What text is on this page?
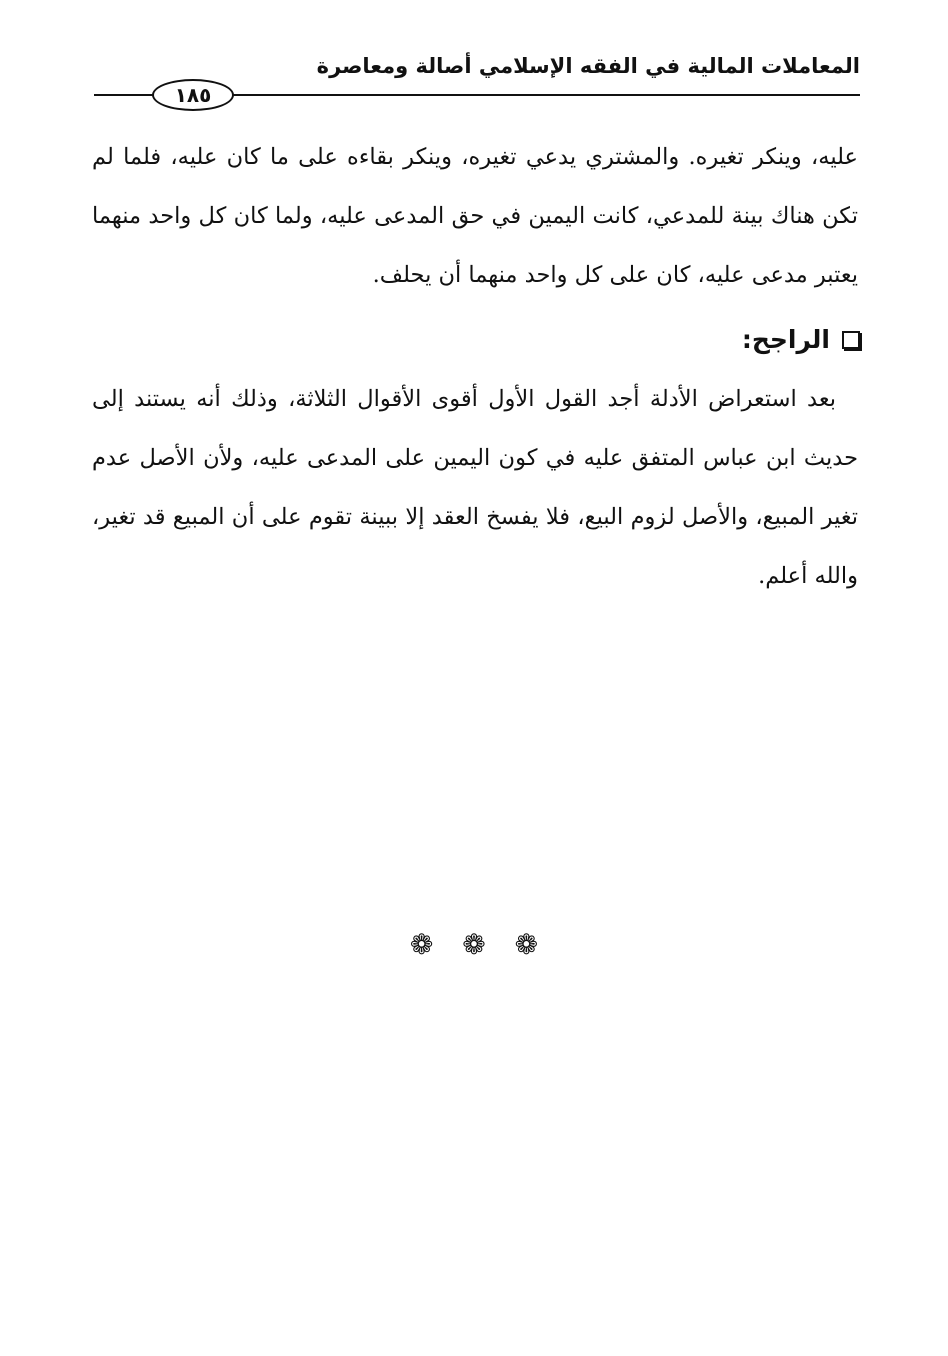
المعاملات المالية في الفقه الإسلامي أصالة ومعاصرة
١٨٥

عليه، وينكر تغيره. والمشتري يدعي تغيره، وينكر بقاءه على ما كان عليه، فلما لم تكن هناك بينة للمدعي، كانت اليمين في حق المدعى عليه، ولما كان كل واحد منهما يعتبر مدعى عليه، كان على كل واحد منهما أن يحلف.

الراجح:

بعد استعراض الأدلة أجد القول الأول أقوى الأقوال الثلاثة، وذلك أنه يستند إلى حديث ابن عباس المتفق عليه في كون اليمين على المدعى عليه، ولأن الأصل عدم تغير المبيع، والأصل لزوم البيع، فلا يفسخ العقد إلا ببينة تقوم على أن المبيع قد تغير، والله أعلم.

❁ ❁ ❁
